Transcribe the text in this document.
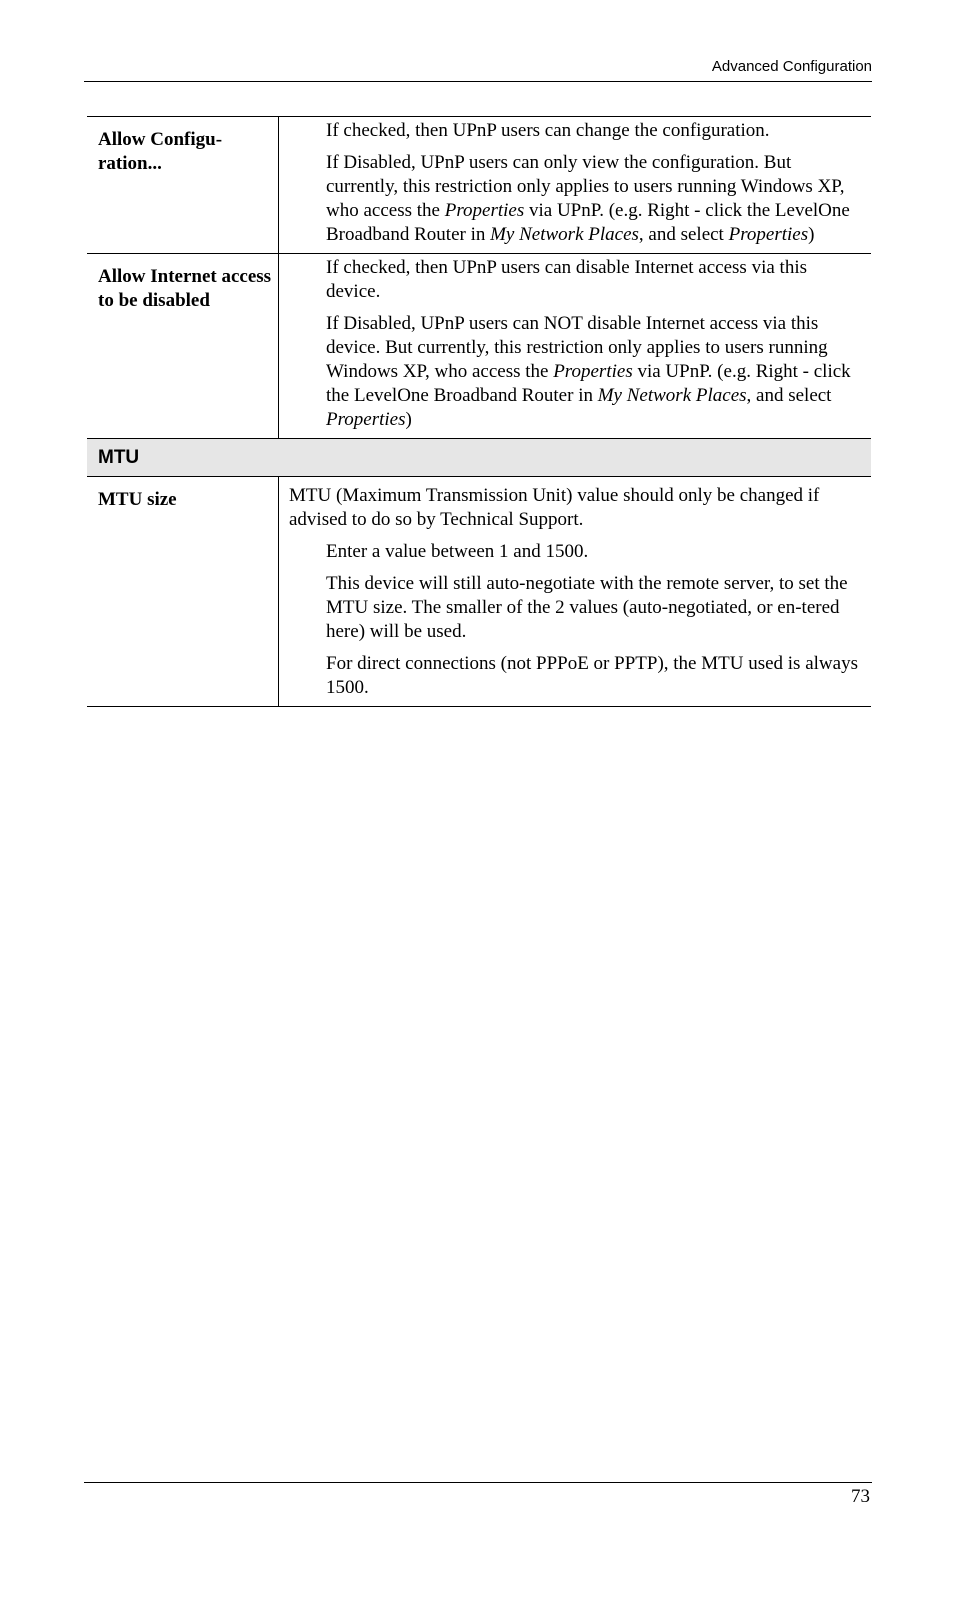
Advanced Configuration
Allow Configu-ration...	If checked, then UPnP users can change the configuration.

If Disabled, UPnP users can only view the configuration. But currently, this restriction only applies to users running Windows XP, who access the Properties via UPnP. (e.g. Right - click the LevelOne Broadband Router in My Network Places, and select Properties)

Allow Internet access to be disabled	If checked, then UPnP users can disable Internet access via this device.

If Disabled, UPnP users can NOT disable Internet access via this device. But currently, this restriction only applies to users running Windows XP, who access the Properties via UPnP. (e.g. Right - click the LevelOne Broadband Router in My Network Places, and select Properties)

MTU	
MTU size	MTU (Maximum Transmission Unit) value should only be changed if advised to do so by Technical Support.

Enter a value between 1 and 1500.

This device will still auto-negotiate with the remote server, to set the MTU size. The smaller of the 2 values (auto-negotiated, or en-tered here) will be used.

For direct connections (not PPPoE or PPTP), the MTU used is always 1500.

73
